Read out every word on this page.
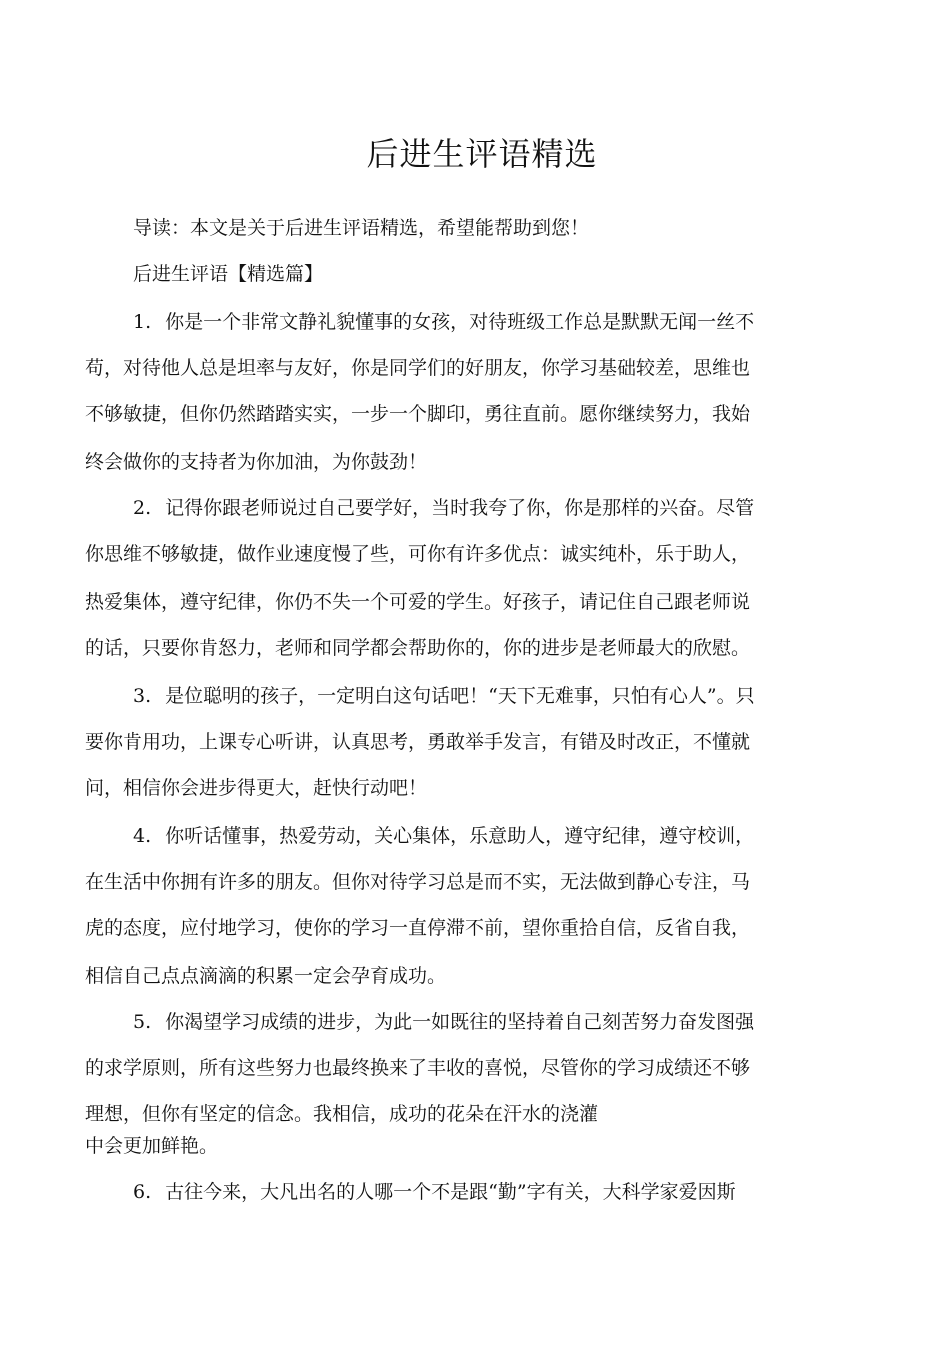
后进生评语精选
导读：本文是关于后进生评语精选，希望能帮助到您！
后进生评语【精选篇】
1. 你是一个非常文静礼貌懂事的女孩，对待班级工作总是默默无闻一丝不
苟，对待他人总是坦率与友好，你是同学们的好朋友，你学习基础较差，思维也
不够敏捷，但你仍然踏踏实实，一步一个脚印，勇往直前。愿你继续努力，我始
终会做你的支持者为你加油，为你鼓劲！
2. 记得你跟老师说过自己要学好，当时我夸了你，你是那样的兴奋。尽管
你思维不够敏捷，做作业速度慢了些，可你有许多优点：诚实纯朴，乐于助人，
热爱集体，遵守纪律，你仍不失一个可爱的学生。好孩子，请记住自己跟老师说
的话，只要你肯怒力，老师和同学都会帮助你的，你的进步是老师最大的欣慰。
3. 是位聪明的孩子，一定明白这句话吧！“天下无难事，只怕有心人”。只
要你肯用功，上课专心听讲，认真思考，勇敢举手发言，有错及时改正，不懂就
问，相信你会进步得更大，赶快行动吧！
4. 你听话懂事，热爱劳动，关心集体，乐意助人，遵守纪律，遵守校训，
在生活中你拥有许多的朋友。但你对待学习总是而不实，无法做到静心专注，马
虎的态度，应付地学习，使你的学习一直停滞不前，望你重拾自信，反省自我，
相信自己点点滴滴的积累一定会孕育成功。
5. 你渴望学习成绩的进步，为此一如既往的坚持着自己刻苦努力奋发图强
的求学原则，所有这些努力也最终换来了丰收的喜悦，尽管你的学习成绩还不够
理想，但你有坚定的信念。我相信，成功的花朵在汗水的浇灌
中会更加鲜艳。
6. 古往今来，大凡出名的人哪一个不是跟“勤”字有关，大科学家爱因斯
